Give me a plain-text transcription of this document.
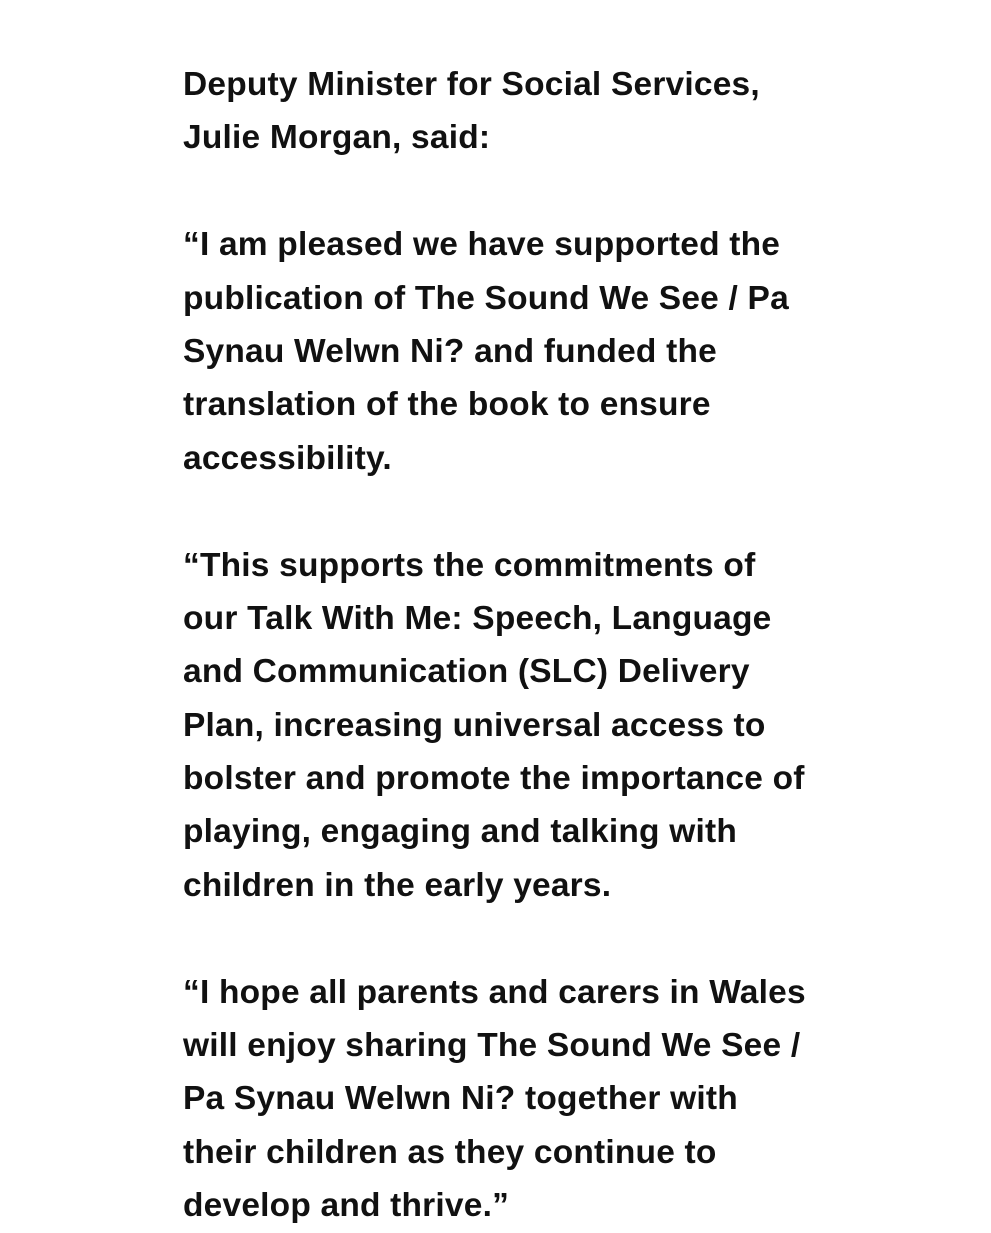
Deputy Minister for Social Services,
Julie Morgan, said:
“I am pleased we have supported the
publication of The Sound We See / Pa
Synau Welwn Ni? and funded the
translation of the book to ensure
accessibility.
“This supports the commitments of
our Talk With Me: Speech, Language
and Communication (SLC) Delivery
Plan, increasing universal access to
bolster and promote the importance of
playing, engaging and talking with
children in the early years.
“I hope all parents and carers in Wales
will enjoy sharing The Sound We See /
Pa Synau Welwn Ni? together with
their children as they continue to
develop and thrive.”
